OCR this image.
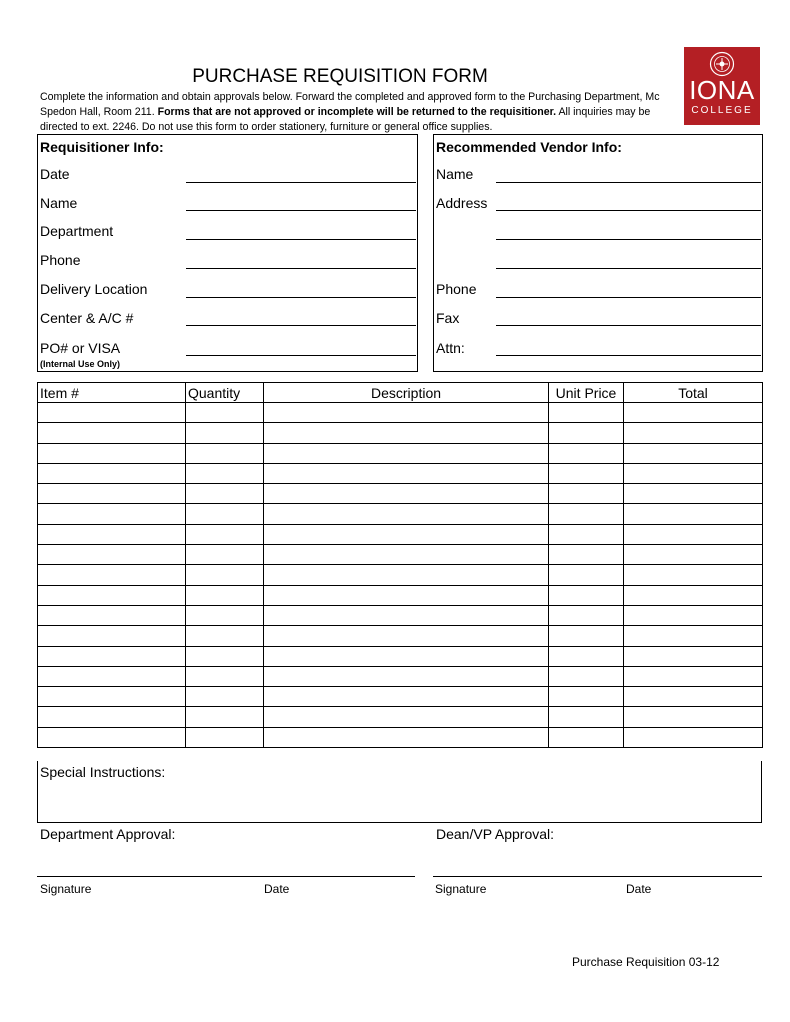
PURCHASE REQUISITION FORM
Complete the information and obtain approvals below. Forward the completed and approved form to the Purchasing Department, Mc Spedon Hall, Room 211. Forms that are not approved or incomplete will be returned to the requisitioner. All inquiries may be directed to ext. 2246. Do not use this form to order stationery, furniture or general office supplies.
IONA
COLLEGE
Requisitioner Info:
Date
Name
Department
Phone
Delivery Location
Center & A/C #
PO# or VISA
(Internal Use Only)
Recommended Vendor Info:
Name
Address
Phone
Fax
Attn:
Item #	Quantity	Description	Unit Price	Total

Special Instructions:
Department Approval:	Dean/VP Approval:
Signature	Date	Signature	Date
Purchase Requisition 03-12
